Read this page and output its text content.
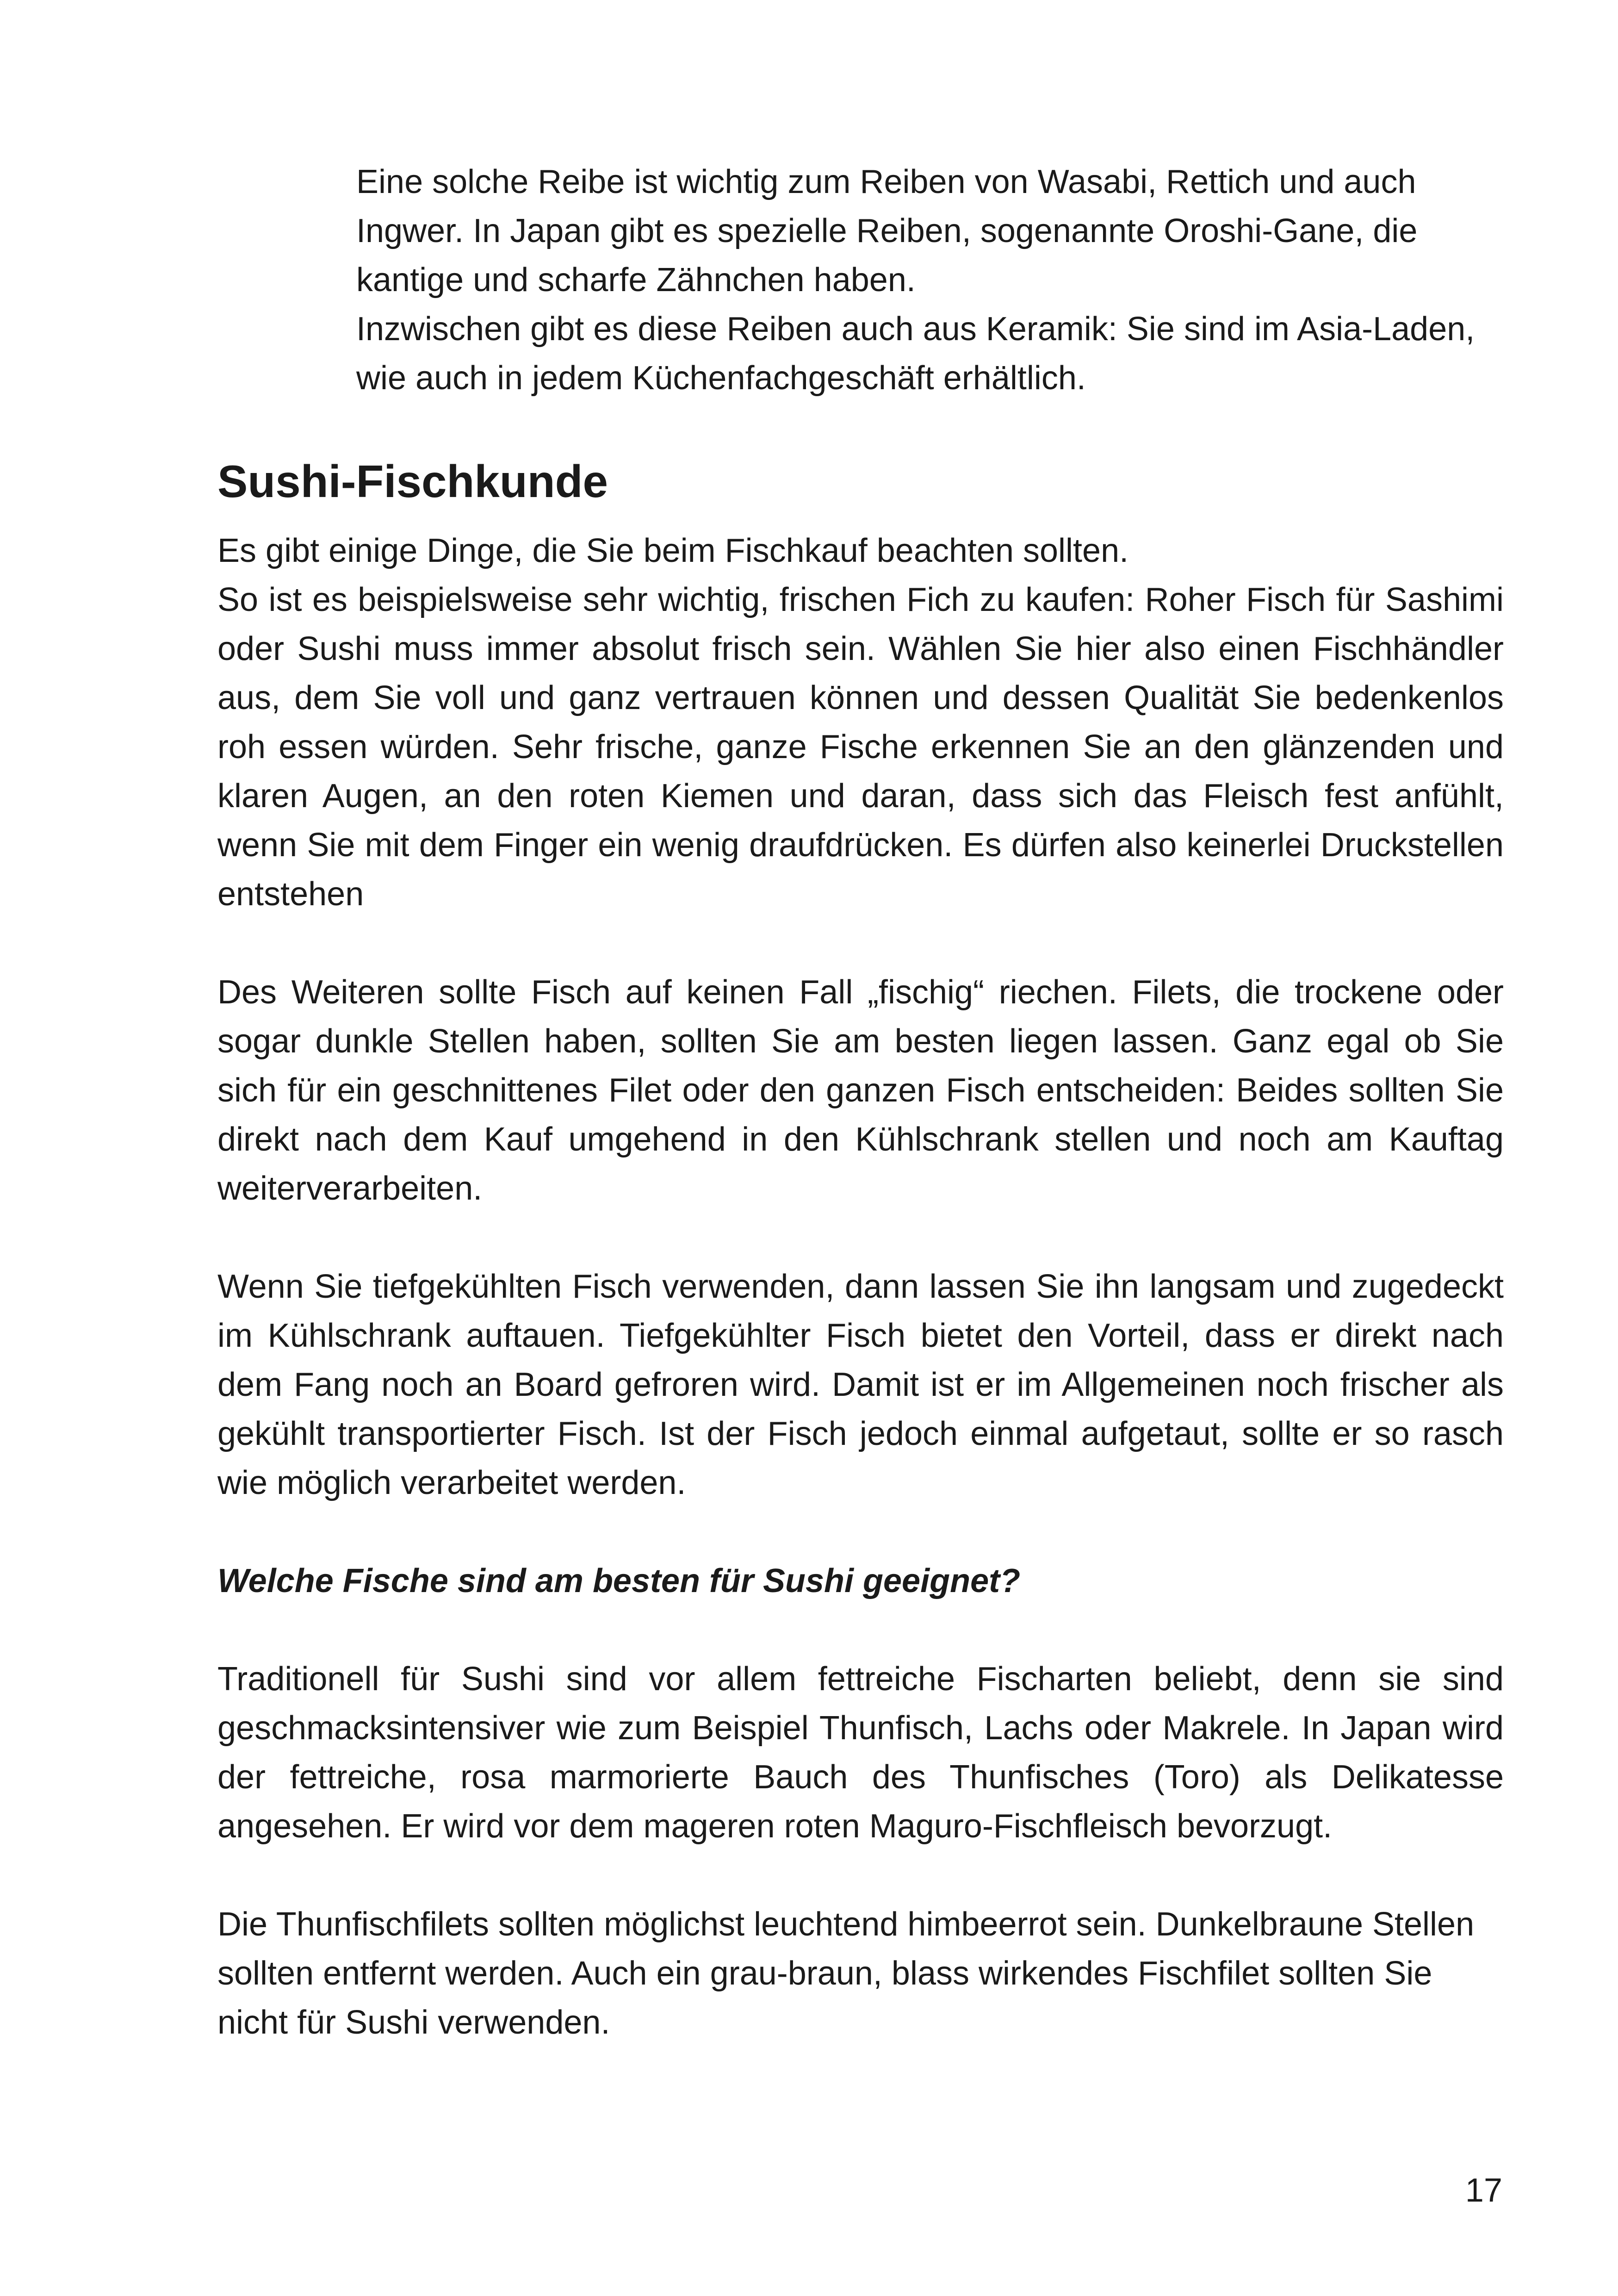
Eine solche Reibe ist wichtig zum Reiben von Wasabi, Rettich und auch Ingwer. In Japan gibt es spezielle Reiben, sogenannte Oroshi-Gane, die kantige und scharfe Zähnchen haben.

Inzwischen gibt es diese Reiben auch aus Keramik: Sie sind im Asia-Laden, wie auch in jedem Küchenfachgeschäft erhältlich.

Sushi-Fischkunde

Es gibt einige Dinge, die Sie beim Fischkauf beachten sollten.

So ist es beispielsweise sehr wichtig, frischen Fich zu kaufen: Roher Fisch für Sashimi oder Sushi muss immer absolut frisch sein. Wählen Sie hier also einen Fischhändler aus, dem Sie voll und ganz vertrauen können und dessen Qualität Sie bedenkenlos roh essen würden. Sehr frische, ganze Fische erkennen Sie an den glänzenden und klaren Augen, an den roten Kiemen und daran, dass sich das Fleisch fest anfühlt, wenn Sie mit dem Finger ein wenig draufdrücken. Es dürfen also keinerlei Druckstellen entstehen

Des Weiteren sollte Fisch auf keinen Fall „fischig“ riechen. Filets, die trockene oder sogar dunkle Stellen haben, sollten Sie am besten liegen lassen. Ganz egal ob Sie sich für ein geschnittenes Filet oder den ganzen Fisch entscheiden: Beides sollten Sie direkt nach dem Kauf umgehend in den Kühlschrank stellen und noch am Kauftag weiterverarbeiten.

Wenn Sie tiefgekühlten Fisch verwenden, dann lassen Sie ihn langsam und zugedeckt im Kühlschrank auftauen. Tiefgekühlter Fisch bietet den Vorteil, dass er direkt nach dem Fang noch an Board gefroren wird. Damit ist er im Allgemeinen noch frischer als gekühlt transportierter Fisch. Ist der Fisch jedoch einmal aufgetaut, sollte er so rasch wie möglich verarbeitet werden.

Welche Fische sind am besten für Sushi geeignet?

Traditionell für Sushi sind vor allem fettreiche Fischarten beliebt, denn sie sind geschmacksintensiver wie zum Beispiel Thunfisch, Lachs oder Makrele. In Japan wird der fettreiche, rosa marmorierte Bauch des Thunfisches (Toro) als Delikatesse angesehen. Er wird vor dem mageren roten Maguro-Fischfleisch bevorzugt.

Die Thunfischfilets sollten möglichst leuchtend himbeerrot sein. Dunkelbraune Stellen sollten entfernt werden. Auch ein grau-braun, blass wirkendes Fischfilet sollten Sie nicht für Sushi verwenden.

17
